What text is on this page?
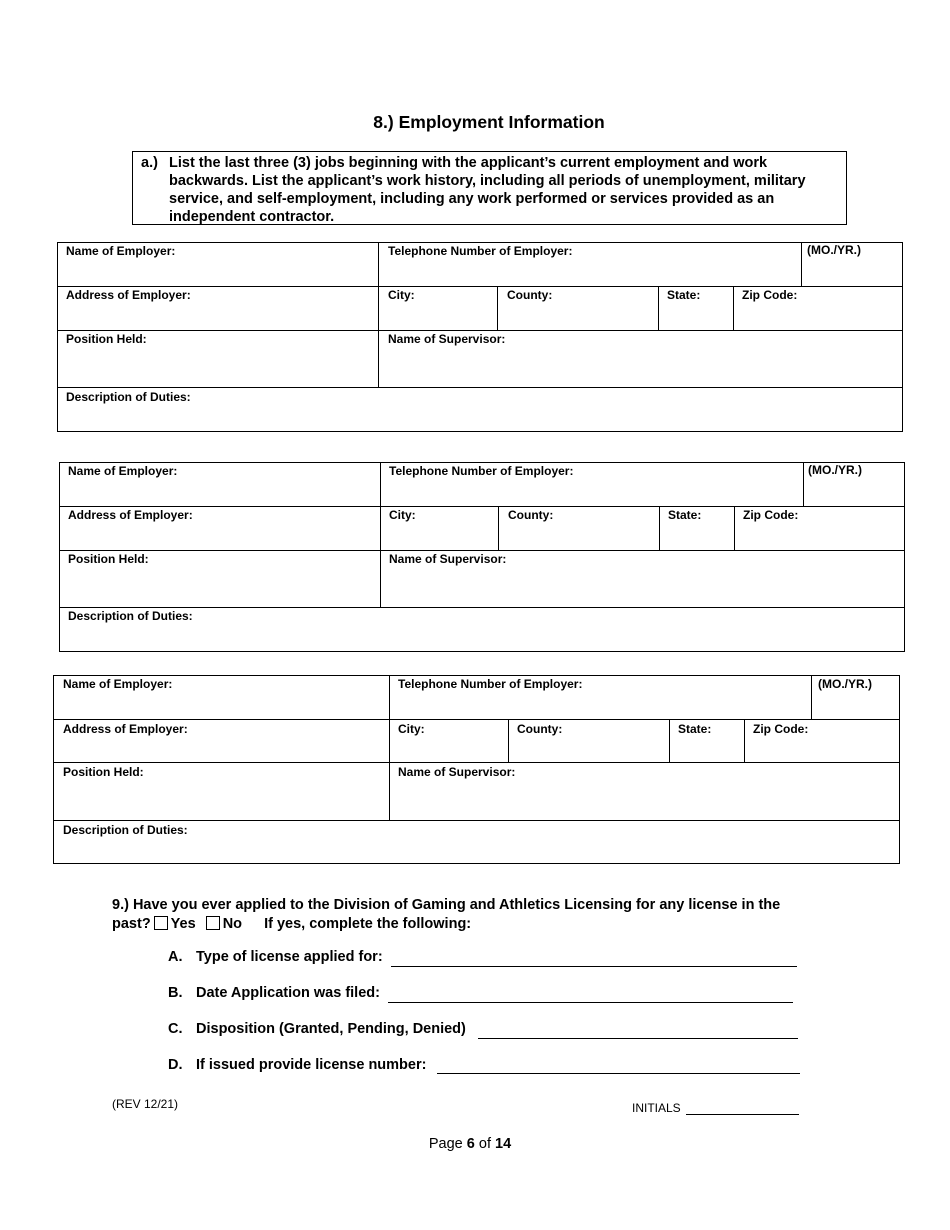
8.) Employment Information
a.) List the last three (3) jobs beginning with the applicant’s current employment and work backwards. List the applicant’s work history, including all periods of unemployment, military service, and self-employment, including any work performed or services provided as an independent contractor.
Name of Employer:	Telephone Number of Employer:	(MO./YR.)
Address of Employer:	City:	County:	State:	Zip Code:
Position Held:	Name of Supervisor:
Description of Duties:
Name of Employer:	Telephone Number of Employer:	(MO./YR.)
Address of Employer:	City:	County:	State:	Zip Code:
Position Held:	Name of Supervisor:
Description of Duties:
Name of Employer:	Telephone Number of Employer:	(MO./YR.)
Address of Employer:	City:	County:	State:	Zip Code:
Position Held:	Name of Supervisor:
Description of Duties:
9.) Have you ever applied to the Division of Gaming and Athletics Licensing for any license in the
past? Yes No If yes, complete the following:
A. Type of license applied for:
B. Date Application was filed:
C. Disposition (Granted, Pending, Denied)
D. If issued provide license number:
(REV 12/21)	INITIALS
Page 6 of 14
